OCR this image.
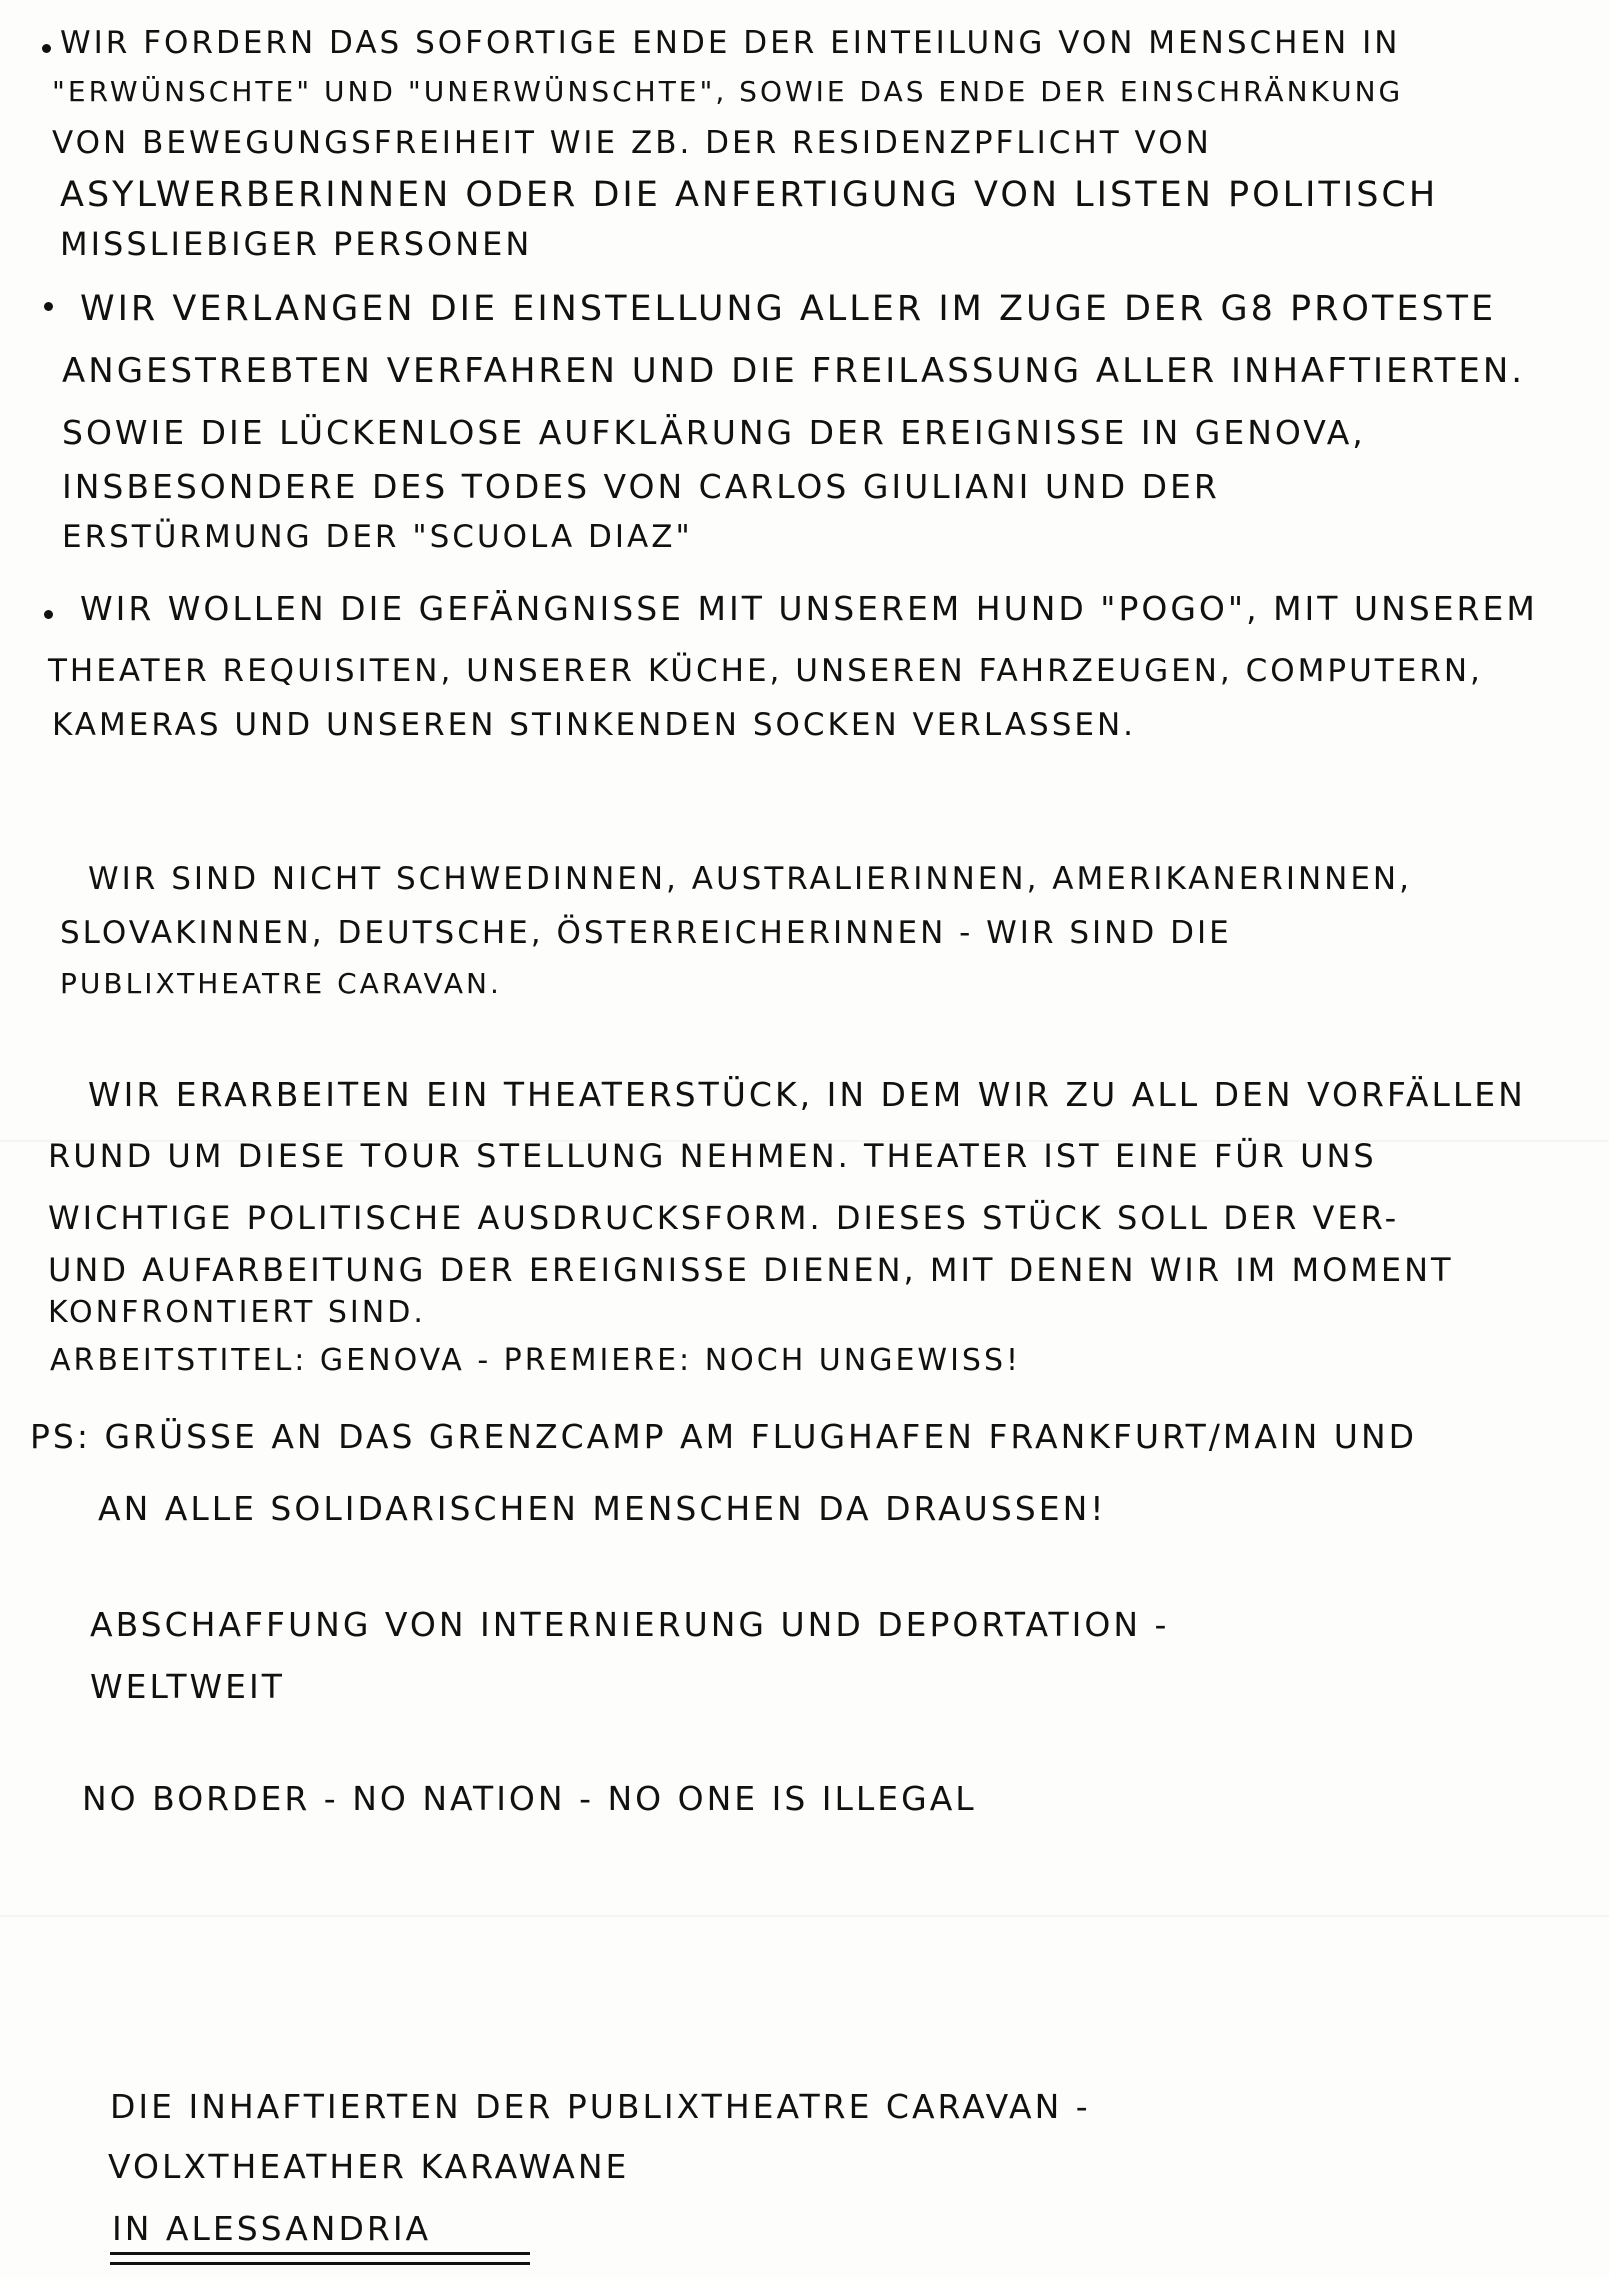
WIR FORDERN DAS SOFORTIGE ENDE DER EINTEILUNG VON MENSCHEN IN

"ERWÜNSCHTE" UND "UNERWÜNSCHTE", SOWIE DAS ENDE DER EINSCHRÄNKUNG

VON BEWEGUNGSFREIHEIT WIE ZB. DER RESIDENZPFLICHT VON

ASYLWERBERINNEN ODER DIE ANFERTIGUNG VON LISTEN POLITISCH

MISSLIEBIGER PERSONEN

WIR VERLANGEN DIE EINSTELLUNG ALLER IM ZUGE DER G8 PROTESTE

ANGESTREBTEN VERFAHREN UND DIE FREILASSUNG ALLER INHAFTIERTEN.

SOWIE DIE LÜCKENLOSE AUFKLÄRUNG DER EREIGNISSE IN GENOVA,

INSBESONDERE DES TODES VON CARLOS GIULIANI UND DER

ERSTÜRMUNG DER "SCUOLA DIAZ"

WIR WOLLEN DIE GEFÄNGNISSE MIT UNSEREM HUND "POGO", MIT UNSEREM

THEATER REQUISITEN, UNSERER KÜCHE, UNSEREN FAHRZEUGEN, COMPUTERN,

KAMERAS UND UNSEREN STINKENDEN SOCKEN VERLASSEN.

WIR SIND NICHT SCHWEDINNEN, AUSTRALIERINNEN, AMERIKANERINNEN,

SLOVAKINNEN, DEUTSCHE, ÖSTERREICHERINNEN - WIR SIND DIE

PUBLIXTHEATRE CARAVAN.

WIR ERARBEITEN EIN THEATERSTÜCK, IN DEM WIR ZU ALL DEN VORFÄLLEN

RUND UM DIESE TOUR STELLUNG NEHMEN. THEATER IST EINE FÜR UNS

WICHTIGE POLITISCHE AUSDRUCKSFORM. DIESES STÜCK SOLL DER VER-

UND AUFARBEITUNG DER EREIGNISSE DIENEN, MIT DENEN WIR IM MOMENT

KONFRONTIERT SIND.

ARBEITSTITEL: GENOVA - PREMIERE: NOCH UNGEWISS!

PS: GRÜSSE AN DAS GRENZCAMP AM FLUGHAFEN FRANKFURT/MAIN UND

AN ALLE SOLIDARISCHEN MENSCHEN DA DRAUSSEN!

ABSCHAFFUNG VON INTERNIERUNG UND DEPORTATION -

WELTWEIT

NO BORDER - NO NATION - NO ONE IS ILLEGAL

DIE INHAFTIERTEN DER PUBLIXTHEATRE CARAVAN -

VOLXTHEATHER KARAWANE

IN ALESSANDRIA
